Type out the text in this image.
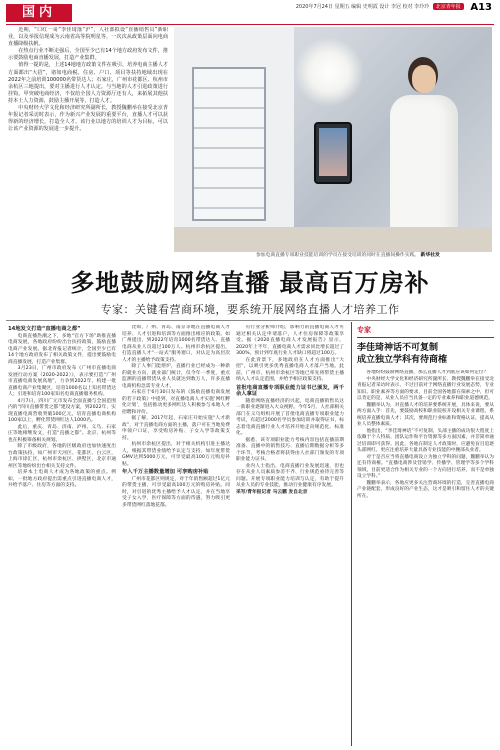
国内	2020年7月24日 星期五 编辑 史明霞 设计 李冠 校对 李玲玲 北京青年报 A13

近期，“口红一哥”李佳琦落“沪”，人社部拟设“直播销售员”新职业，以及举报信现成为云南省高等院明星等，一次次从政策层面向电商直播降级扶帆。

在热点行业不断走强后，全国至少已有14个地方政府发布文件，推示要鼓励电商直播发展，打造产业集群。

值得一提的是，上述14地地方政策文件在吸引、培养电商主播人才方面都出“大招”，诸如电商税、住房、户口、项目等扶持地域出现在2022年之前培训100000名带货达人；石家庄，广州市花都区、杭州市余杭区三地提出，要对主播进行人才认定。与当地的人才引进政策进行挂钩。甲突破电商经济，不仅给全国人力资源厅还有人，来拓展其他扶持本土人力资源，鼓励主播开展等，打造人才。

中央财经大学文化和经济研究所副所长，教授魏鹏举在接受北京青年报记者采访时表示，作为新兴产业发展的重要平台，直播人才可以获得新的经济增长，打造全人才。该行业以地方的培训人才为目标，可以让该产业资源的发展进一步提升。

参加电商直播专项职业技能培训的学员在接受培训的同时在直播间操作实践。 新华社发
多地鼓励网络直播 最高百万房补
专家：关键看营商环境，要系统开展网络直播人才培养工作

14地发文打造“直播电商之都”

电商直播热潮之下，多地“官方下场”助推直播电商发展，各地政府纷纷出台扶持政策，鼓励直播电商产业发展。据北青报记者统计，全国至少已有14个地方政府发布了相关政策文件，提出要鼓励电商直播发展，打造产业集群。

3月23日，广州市政府发布《广州市直播电商发展行动方案（2020-2022）》，表示要打造“广州市直播电商发展高地”，力争到2022年，构建一批直播电商产业集聚区，培育1000名以上知名带货达人；引进和培育100家知名电商直播服务机构。

4月7日，四川广元市发布全面直播与全国范围内的“四川直播带货之都”建设方案，到2022年，实现直播电商营收突破100亿元，培育直播电商机构100家以上，孵化带货网红达人1000名。

此后，重庆、青岛、济南、泸州、义乌、石家庄等地相继发文，打造“直播之都”。北京、杭州等也在积极筹备相关规划。

除了市级政府，各地的区级政府也加快速度出台政策扶持，如广州市天河区、花都区、白云区，上海市徐汇区，杭州市余杭区、拱墅区，北京市通州区等地纷纷出台相关支持文件。

培养本土电商人才成为各地政策的重点。例如，一批地方政府提出需重点引进直播电商人才，并给予落户、住房等方面的支持。

比如，广州、青岛、南京等地在直播电商人才培养、人才引进和培训等方面推出相应的政策。如广州提出，到2022年培育1000名带货达人、直播电商从业人员超过100万人。杭州市余杭区提出，打造直播人才“一站式”服务窗口，对认定为高层次人才的主播给予政策支持。

除了人事门能熔炉，直播行业已经成为一种新的就业方向，就业部门统计，仅今年一季度，重点监测的直播带货从业人员就达到数万人，许多直播电商机构急需专业人才。

石家庄于6月30日发布的《鼓励直播电商发展的若干政策》中提到，对直播电商人才实施‘网红孵化计划’，包括推动更多网红达人积极参与本地人才招聘和评价。

据了解，2017年起，石家庄开始实施“人才新政”，对于直播电商方面的主播，落户可在当地免费申领户口证，享受购房补贴、子女入学等政策支持。

杭州市余杭区提出，对于相关机构引进主播达人，根据其带货业绩给予认定与支持，如年度带货GMV达到5000万元，可享受最高100万元购房补贴。

年入千万主播数量增加 可享购房补贴

广州市花都区则规定，对于年销售额超过1亿元的带货主播，可享受最高100万元的购房补贴。同时，对引进的优秀主播给予人才认定，并在当地享受子女入学、医疗保障等方面的待遇，努力吸引更多带货网红落地花都。

有行业分析师介绍，影响力的直播电商人才可通过相关认定申请落户，人才住房保障等政策享受。据《2020直播电商人才发展报告》显示，2020年上半年，直播电商人才需求同比增长超过了300%，预计到年底行业人才缺口将超过100万。

在此背景下，多地政府在人才方面推出“大招”，以吸引更多优秀直播电商人才落户当地。此前，广州市、杭州市余杭区等地已率先将带货主播纳入人才认定范围，并给予相应政策支持。

首批电商直播专项职业能力证书已颁发，两千余人拿证

随着网络直播经济的兴起，电商直播销售员这一新职业逐渐进入大众视野。今年5月，人社部相关部门在义乌组织开展了首批电商直播专项职业能力考试，有超过2000名学员参加培训并取得证书，标志着电商直播行业人才培养开始走向规范化、标准化。

据悉，该专项职业能力考核内容包括直播前期准备、直播中的销售技巧、直播后期数据分析等多个环节，考核合格者将获得由人社部门颁发的专项职业能力证书。

业内人士指出，电商直播行业发展迅速，但也存在从业人员素质参差不齐、行业规范亟待完善等问题。开展专项职业能力培训与认定，有助于提升从业人员的专业技能，推动行业健康有序发展。

采写/青年报记者 马云鹏 发自北京

专家

李佳琦神话不可复制
成立独立学科有待商榷

各地纷纷鼓励网络直播，那么直播人才到底应该如何定位？

中央财经大学文化和经济研究所副所长、教授魏鹏举在接受北青报记者采访时表示，不过目前对于网络直播行业发展态势，专业知识、职业素养等方面的要求，目前全国各地都在探索之中，但可以肯定的是，从业人员应当具备一定的专业素养和职业道德规范。

魏鹏举认为，对直播人才的培养要系统开展，具体来说，要从两方面入手：首先，要鼓励高校和职业院校开设相关专业课程，系统培养直播电商人才；其次，要规范行业标准和资格认证，提高从业人员整体素质。

他指出，“李佳琦神话”不可复制，头部主播的成功很大程度上依赖于个人特质、团队运作和平台资源等多方面因素，并非简单通过培训即可获得。因此，各地在制定人才政策时，应避免盲目追逐头部网红，更应注重培养大量具备专业技能的中腰部从业者。

对于是否应当将直播电商设立为独立学科的问题，魏鹏举认为还有待商榷。“直播电商涉及营销学、传播学、管理学等多个学科领域，目前更适合作为相关专业的一个方向进行培养，而不是单独设立学科。”

魏鹏举表示，各地应更多关注营商环境的打造，完善直播电商产业链配套，形成良好的产业生态，这才是吸引和留住人才的关键所在。
